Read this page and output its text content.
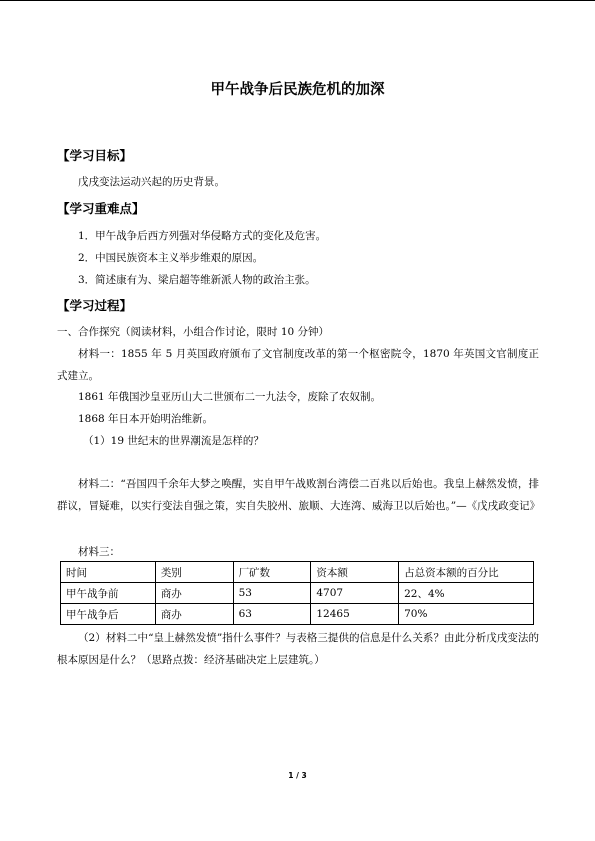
甲午战争后民族危机的加深
【学习目标】
戊戌变法运动兴起的历史背景。
【学习重难点】
1．甲午战争后西方列强对华侵略方式的变化及危害。
2．中国民族资本主义举步维艰的原因。
3．简述康有为、梁启超等维新派人物的政治主张。
【学习过程】
一、合作探究（阅读材料，小组合作讨论，限时 10 分钟）
材料一：1855 年 5 月英国政府颁布了文官制度改革的第一个枢密院令，1870 年英国文官制度正式建立。
1861 年俄国沙皇亚历山大二世颁布二一九法令，废除了农奴制。
1868 年日本开始明治维新。
（1）19 世纪末的世界潮流是怎样的？
材料二：“吾国四千余年大梦之唤醒，实自甲午战败割台湾偿二百兆以后始也。我皇上赫然发愤，排群议，冒疑难，以实行变法自强之策，实自失胶州、旅顺、大连湾、威海卫以后始也。”—《戊戌政变记》
材料三：
时间	类别	厂矿数	资本额	占总资本额的百分比
甲午战争前	商办	53	4707	22、4%
甲午战争后	商办	63	12465	70%
（2）材料二中“皇上赫然发愤”指什么事件？与表格三提供的信息是什么关系？由此分析戊戌变法的根本原因是什么？（思路点拨：经济基础决定上层建筑。）
1 / 3
